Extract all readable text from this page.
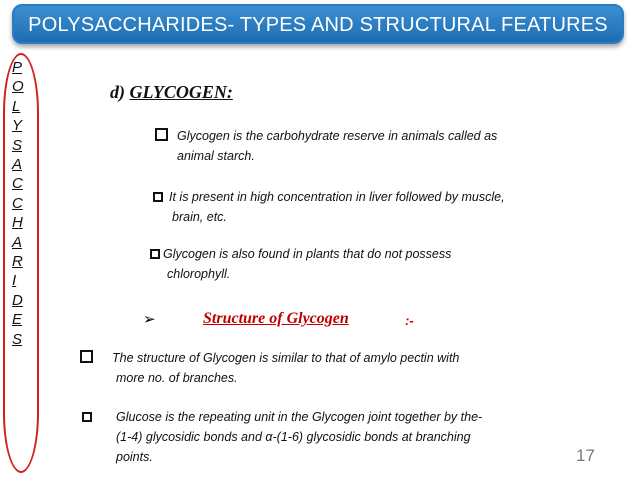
POLYSACCHARIDES- TYPES AND STRUCTURAL FEATURES
P
O
L
Y
S
A
C
C
H
A
R
I
D
E
S
d) GLYCOGEN:
Glycogen is the carbohydrate reserve in animals called as
animal starch.
It is present in high concentration in liver followed by muscle,
brain, etc.
Glycogen is also found in plants that do not possess
chlorophyll.
➢	Structure of Glycogen	:-
The structure of Glycogen is similar to that of amylo pectin with
more no. of branches.
Glucose is the repeating unit in the Glycogen joint together by the-
(1-4) glycosidic bonds and α-(1-6) glycosidic bonds at branching
points.	17
